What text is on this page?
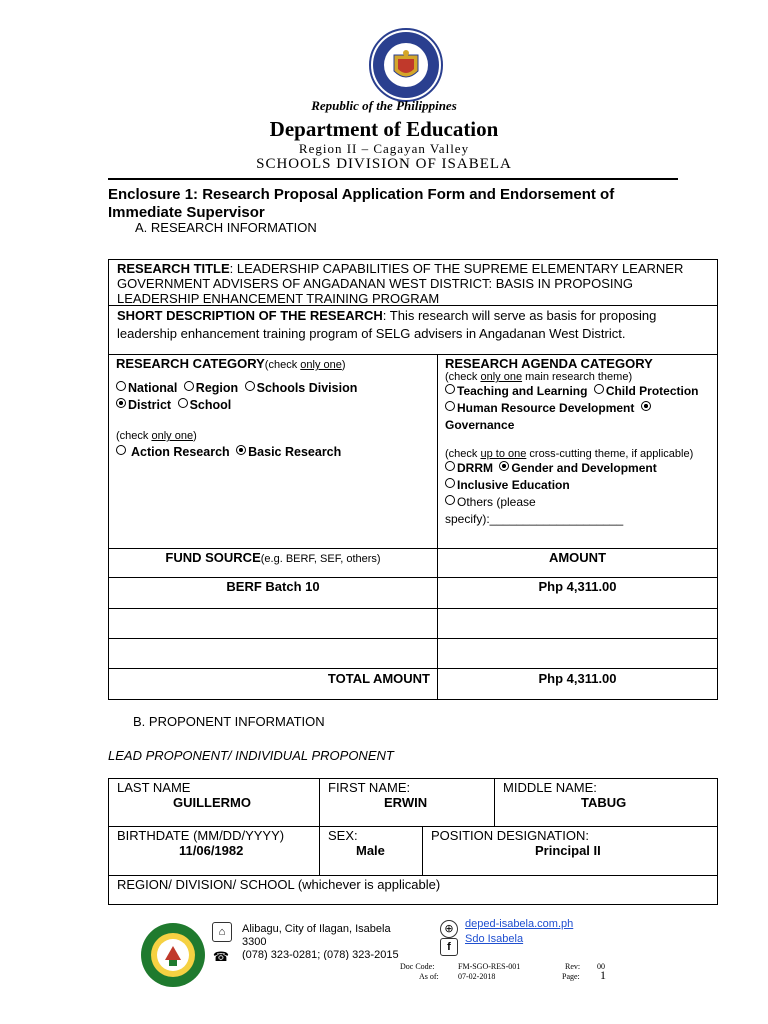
Republic of the Philippines
Department of Education
Region II – Cagayan Valley
SCHOOLS DIVISION OF ISABELA
Enclosure 1: Research Proposal Application Form and Endorsement of Immediate Supervisor
A. RESEARCH INFORMATION
RESEARCH TITLE: LEADERSHIP CAPABILITIES OF THE SUPREME ELEMENTARY LEARNER GOVERNMENT ADVISERS OF ANGADANAN WEST DISTRICT: BASIS IN PROPOSING LEADERSHIP ENHANCEMENT TRAINING PROGRAM
SHORT DESCRIPTION OF THE RESEARCH: This research will serve as basis for proposing leadership enhancement training program of SELG advisers in Angadanan West District.
RESEARCH CATEGORY(check only one)
National Region Schools Division
District School
(check only one)
Action Research Basic Research
RESEARCH AGENDA CATEGORY
(check only one main research theme)
Teaching and Learning Child Protection
Human Resource Development Governance
(check up to one cross-cutting theme, if applicable)
DRRM Gender and Development
Inclusive Education
Others (please
specify):____________________
FUND SOURCE(e.g. BERF, SEF, others)	AMOUNT
BERF Batch 10	Php 4,311.00
TOTAL AMOUNT	Php 4,311.00
B. PROPONENT INFORMATION
LEAD PROPONENT/ INDIVIDUAL PROPONENT
LAST NAME
GUILLERMO
FIRST NAME:
ERWIN
MIDDLE NAME:
TABUG
BIRTHDATE (MM/DD/YYYY)
11/06/1982
SEX:
Male
POSITION DESIGNATION:
Principal II
REGION/ DIVISION/ SCHOOL (whichever is applicable)
⌂
☎
Alibagu, City of Ilagan, Isabela
3300
(078) 323-0281; (078) 323-2015
⊕
f
deped-isabela.com.ph
Sdo Isabela
Doc Code:	FM-SGO-RES-001	Rev: 00
As of: 07-02-2018	Page: 1
